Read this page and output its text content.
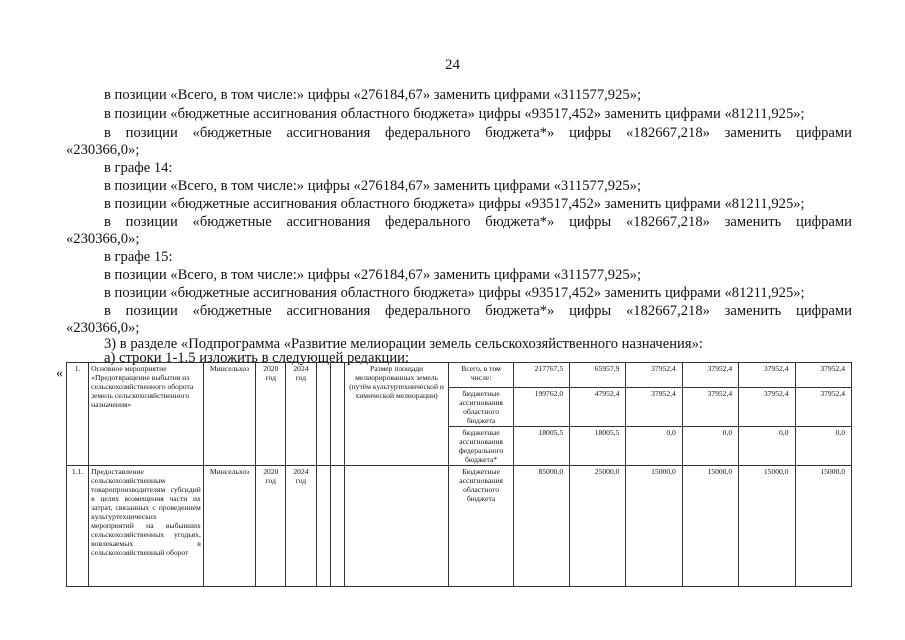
24
в позиции «Всего, в том числе:» цифры «276184,67» заменить цифрами «311577,925»;
в позиции «бюджетные ассигнования областного бюджета» цифры «93517,452» заменить цифрами «81211,925»;
в позиции «бюджетные ассигнования федерального бюджета*» цифры «182667,218» заменить цифрами
«230366,0»;
в графе 14:
в позиции «Всего, в том числе:» цифры «276184,67» заменить цифрами «311577,925»;
в позиции «бюджетные ассигнования областного бюджета» цифры «93517,452» заменить цифрами «81211,925»;
в позиции «бюджетные ассигнования федерального бюджета*» цифры «182667,218» заменить цифрами
«230366,0»;
в графе 15:
в позиции «Всего, в том числе:» цифры «276184,67» заменить цифрами «311577,925»;
в позиции «бюджетные ассигнования областного бюджета» цифры «93517,452» заменить цифрами «81211,925»;
в позиции «бюджетные ассигнования федерального бюджета*» цифры «182667,218» заменить цифрами
«230366,0»;
3) в разделе «Подпрограмма «Развитие мелиорации земель сельскохозяйственного назначения»:
а) строки 1-1.5 изложить в следующей редакции:
« 1.	Основное мероприятие «Предотвращение выбытия из сельскохозяйственного оборота земель сельскохозяйственного назначения»	Минсельхоз	2020 год	2024 год			Размер площади мелиорированных земель (путём культуртехнической и химической мелиорации)	Всего, в том числе:	217767,5	65957,9	37952,4	37952,4	37952,4	37952,4
								бюджетные ассигнования областного бюджета	199762,0	47952,4	37952,4	37952,4	37952,4	37952,4
								бюджетные ассигнования федерального бюджета*	18005,5	18005,5	0,0	0,0	0,0	0,0
1.1.	Предоставление сельскохозяйственным товаропроизводителям субсидий в целях возмещения части их затрат, связанных с проведением культуртехнических мероприятий на выбывших сельскохозяйственных угодьях, вовлекаемых в сельскохозяйственный оборот	Минсельхоз	2020 год	2024 год				Бюджетные ассигнования областного бюджета	85000,0	25000,0	15000,0	15000,0	15000,0	15000,0
